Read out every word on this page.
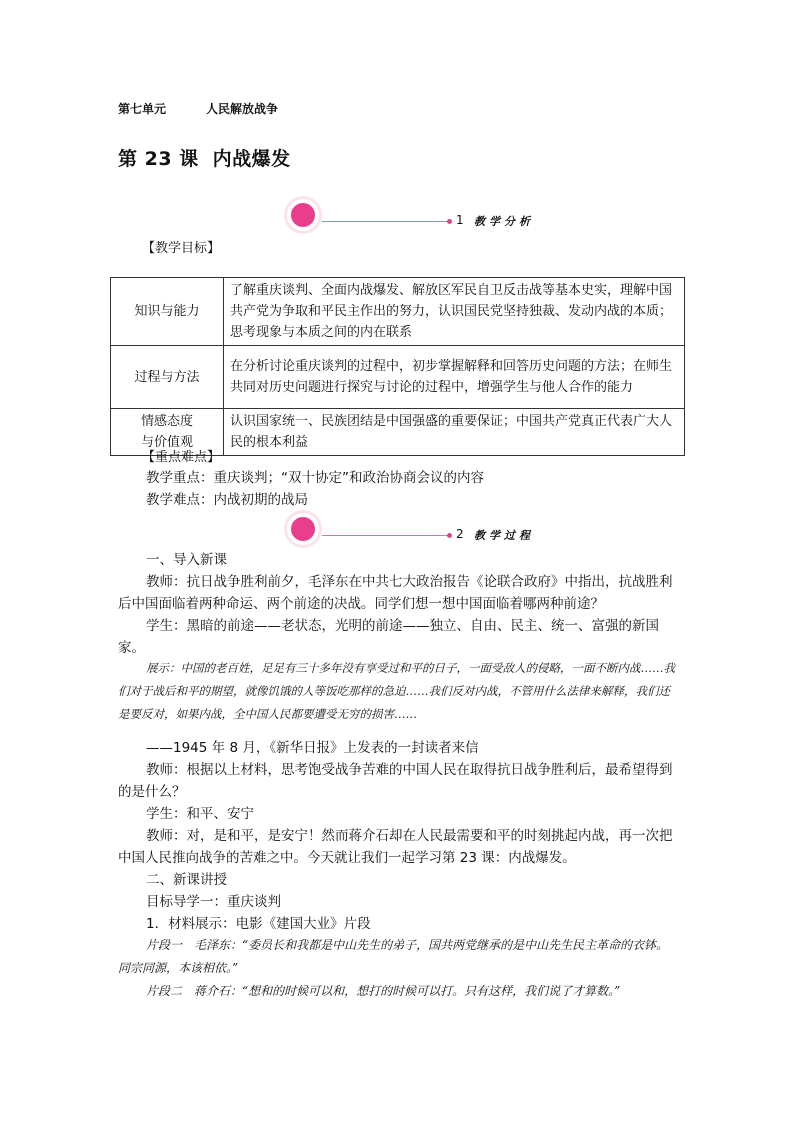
第七单元	人民解放战争
第 23 课 内战爆发
1 教学分析
【教学目标】
知识与能力	了解重庆谈判、全面内战爆发、解放区军民自卫反击战等基本史实，理解中国共产党为争取和平民主作出的努力，认识国民党坚持独裁、发动内战的本质；思考现象与本质之间的内在联系
过程与方法	在分析讨论重庆谈判的过程中，初步掌握解释和回答历史问题的方法；在师生共同对历史问题进行探究与讨论的过程中，增强学生与他人合作的能力
情感态度
与价值观	认识国家统一、民族团结是中国强盛的重要保证；中国共产党真正代表广大人民的根本利益
【重点难点】
教学重点：重庆谈判；“双十协定”和政治协商会议的内容
教学难点：内战初期的战局
2 教学过程
一、导入新课
教师：抗日战争胜利前夕，毛泽东在中共七大政治报告《论联合政府》中指出，抗战胜利后中国面临着两种命运、两个前途的决战。同学们想一想中国面临着哪两种前途？
学生：黑暗的前途——老状态，光明的前途——独立、自由、民主、统一、富强的新国家。
展示：中国的老百姓，足足有三十多年没有享受过和平的日子，一面受敌人的侵略，一面不断内战……我们对于战后和平的期望，就像饥饿的人等饭吃那样的急迫……我们反对内战，不管用什么法律来解释，我们还是要反对，如果内战，全中国人民都要遭受无穷的损害……
——1945 年 8 月，《新华日报》上发表的一封读者来信
教师：根据以上材料，思考饱受战争苦难的中国人民在取得抗日战争胜利后，最希望得到的是什么？
学生：和平、安宁
教师：对，是和平，是安宁！然而蒋介石却在人民最需要和平的时刻挑起内战，再一次把中国人民推向战争的苦难之中。今天就让我们一起学习第 23 课：内战爆发。
二、新课讲授
目标导学一：重庆谈判
1．材料展示：电影《建国大业》片段
片段一　毛泽东：“委员长和我都是中山先生的弟子，国共两党继承的是中山先生民主革命的衣钵。同宗同源，本该相依。”
片段二　蒋介石：“想和的时候可以和，想打的时候可以打。只有这样，我们说了才算数。”
